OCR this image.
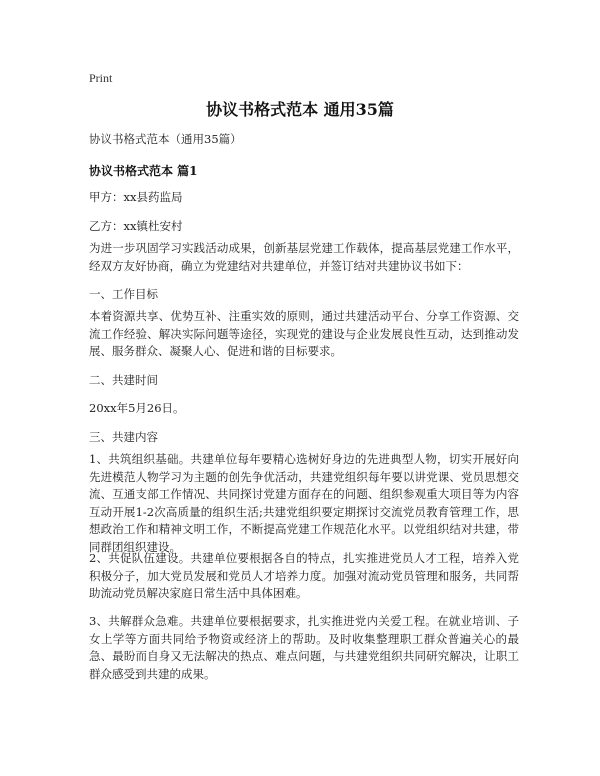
Print
协议书格式范本 通用35篇
协议书格式范本（通用35篇）
协议书格式范本 篇1
甲方：xx县药监局
乙方：xx镇杜安村
为进一步巩固学习实践活动成果，创新基层党建工作载体，提高基层党建工作水平，经双方友好协商，确立为党建结对共建单位，并签订结对共建协议书如下：
一、工作目标
本着资源共享、优势互补、注重实效的原则，通过共建活动平台、分享工作资源、交流工作经验、解决实际问题等途径，实现党的建设与企业发展良性互动，达到推动发展、服务群众、凝聚人心、促进和谐的目标要求。
二、共建时间
20xx年5月26日。
三、共建内容
1、共筑组织基础。共建单位每年要精心选树好身边的先进典型人物，切实开展好向先进模范人物学习为主题的创先争优活动，共建党组织每年要以讲党课、党员思想交流、互通支部工作情况、共同探讨党建方面存在的问题、组织参观重大项目等为内容互动开展1-2次高质量的组织生活;共建党组织要定期探讨交流党员教育管理工作，思想政治工作和精神文明工作，不断提高党建工作规范化水平。以党组织结对共建，带同群团组织建设。
2、共促队伍建设。共建单位要根据各自的特点，扎实推进党员人才工程，培养入党积极分子，加大党员发展和党员人才培养力度。加强对流动党员管理和服务，共同帮助流动党员解决家庭日常生活中具体困难。
3、共解群众急难。共建单位要根据要求，扎实推进党内关爱工程。在就业培训、子女上学等方面共同给予物资或经济上的帮助。及时收集整理职工群众普遍关心的最急、最盼而自身又无法解决的热点、难点问题，与共建党组织共同研究解决，让职工群众感受到共建的成果。
